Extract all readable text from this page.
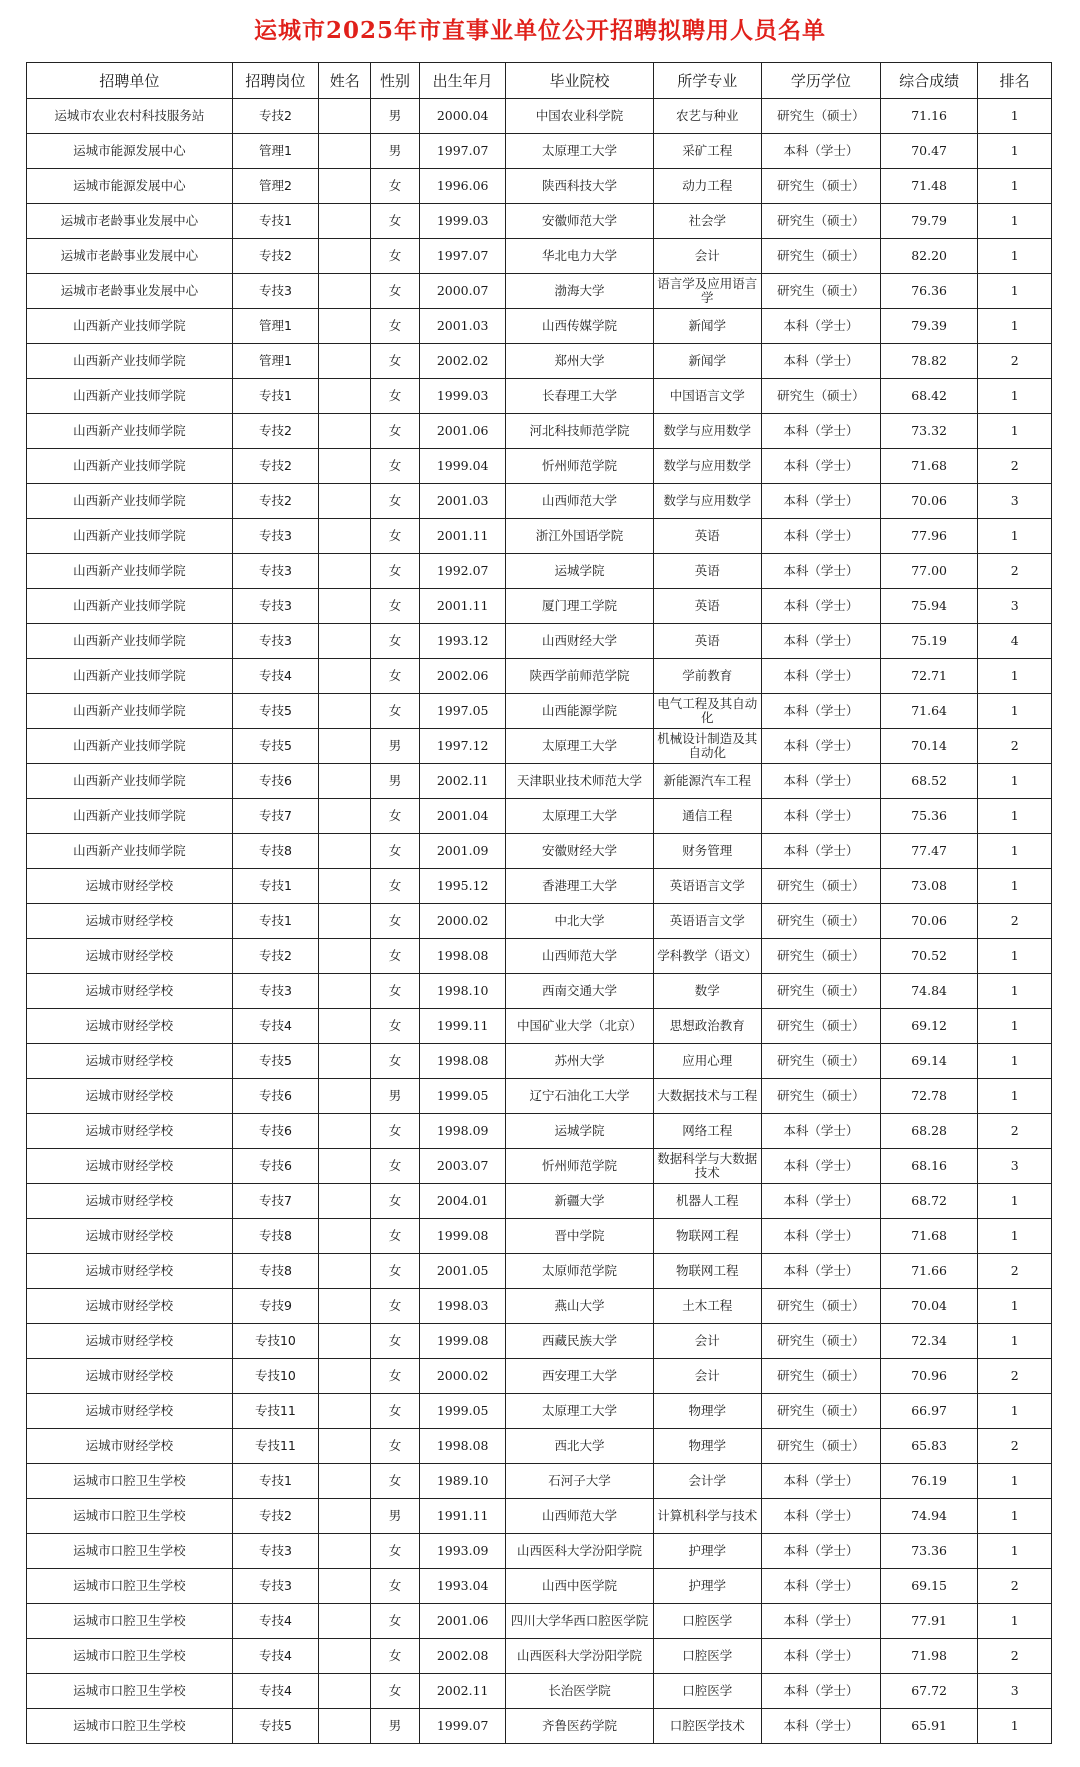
运城市2025年市直事业单位公开招聘拟聘用人员名单
招聘单位	招聘岗位	姓名	性别	出生年月	毕业院校	所学专业	学历学位	综合成绩	排名
运城市农业农村科技服务站	专技2		男	2000.04	中国农业科学院	农艺与种业	研究生（硕士）	71.16	1
运城市能源发展中心	管理1		男	1997.07	太原理工大学	采矿工程	本科（学士）	70.47	1
运城市能源发展中心	管理2		女	1996.06	陕西科技大学	动力工程	研究生（硕士）	71.48	1
运城市老龄事业发展中心	专技1		女	1999.03	安徽师范大学	社会学	研究生（硕士）	79.79	1
运城市老龄事业发展中心	专技2		女	1997.07	华北电力大学	会计	研究生（硕士）	82.20	1
运城市老龄事业发展中心	专技3		女	2000.07	渤海大学	语言学及应用语言学	研究生（硕士）	76.36	1
山西新产业技师学院	管理1		女	2001.03	山西传媒学院	新闻学	本科（学士）	79.39	1
山西新产业技师学院	管理1		女	2002.02	郑州大学	新闻学	本科（学士）	78.82	2
山西新产业技师学院	专技1		女	1999.03	长春理工大学	中国语言文学	研究生（硕士）	68.42	1
山西新产业技师学院	专技2		女	2001.06	河北科技师范学院	数学与应用数学	本科（学士）	73.32	1
山西新产业技师学院	专技2		女	1999.04	忻州师范学院	数学与应用数学	本科（学士）	71.68	2
山西新产业技师学院	专技2		女	2001.03	山西师范大学	数学与应用数学	本科（学士）	70.06	3
山西新产业技师学院	专技3		女	2001.11	浙江外国语学院	英语	本科（学士）	77.96	1
山西新产业技师学院	专技3		女	1992.07	运城学院	英语	本科（学士）	77.00	2
山西新产业技师学院	专技3		女	2001.11	厦门理工学院	英语	本科（学士）	75.94	3
山西新产业技师学院	专技3		女	1993.12	山西财经大学	英语	本科（学士）	75.19	4
山西新产业技师学院	专技4		女	2002.06	陕西学前师范学院	学前教育	本科（学士）	72.71	1
山西新产业技师学院	专技5		女	1997.05	山西能源学院	电气工程及其自动化	本科（学士）	71.64	1
山西新产业技师学院	专技5		男	1997.12	太原理工大学	机械设计制造及其自动化	本科（学士）	70.14	2
山西新产业技师学院	专技6		男	2002.11	天津职业技术师范大学	新能源汽车工程	本科（学士）	68.52	1
山西新产业技师学院	专技7		女	2001.04	太原理工大学	通信工程	本科（学士）	75.36	1
山西新产业技师学院	专技8		女	2001.09	安徽财经大学	财务管理	本科（学士）	77.47	1
运城市财经学校	专技1		女	1995.12	香港理工大学	英语语言文学	研究生（硕士）	73.08	1
运城市财经学校	专技1		女	2000.02	中北大学	英语语言文学	研究生（硕士）	70.06	2
运城市财经学校	专技2		女	1998.08	山西师范大学	学科教学（语文）	研究生（硕士）	70.52	1
运城市财经学校	专技3		女	1998.10	西南交通大学	数学	研究生（硕士）	74.84	1
运城市财经学校	专技4		女	1999.11	中国矿业大学（北京）	思想政治教育	研究生（硕士）	69.12	1
运城市财经学校	专技5		女	1998.08	苏州大学	应用心理	研究生（硕士）	69.14	1
运城市财经学校	专技6		男	1999.05	辽宁石油化工大学	大数据技术与工程	研究生（硕士）	72.78	1
运城市财经学校	专技6		女	1998.09	运城学院	网络工程	本科（学士）	68.28	2
运城市财经学校	专技6		女	2003.07	忻州师范学院	数据科学与大数据技术	本科（学士）	68.16	3
运城市财经学校	专技7		女	2004.01	新疆大学	机器人工程	本科（学士）	68.72	1
运城市财经学校	专技8		女	1999.08	晋中学院	物联网工程	本科（学士）	71.68	1
运城市财经学校	专技8		女	2001.05	太原师范学院	物联网工程	本科（学士）	71.66	2
运城市财经学校	专技9		女	1998.03	燕山大学	土木工程	研究生（硕士）	70.04	1
运城市财经学校	专技10		女	1999.08	西藏民族大学	会计	研究生（硕士）	72.34	1
运城市财经学校	专技10		女	2000.02	西安理工大学	会计	研究生（硕士）	70.96	2
运城市财经学校	专技11		女	1999.05	太原理工大学	物理学	研究生（硕士）	66.97	1
运城市财经学校	专技11		女	1998.08	西北大学	物理学	研究生（硕士）	65.83	2
运城市口腔卫生学校	专技1		女	1989.10	石河子大学	会计学	本科（学士）	76.19	1
运城市口腔卫生学校	专技2		男	1991.11	山西师范大学	计算机科学与技术	本科（学士）	74.94	1
运城市口腔卫生学校	专技3		女	1993.09	山西医科大学汾阳学院	护理学	本科（学士）	73.36	1
运城市口腔卫生学校	专技3		女	1993.04	山西中医学院	护理学	本科（学士）	69.15	2
运城市口腔卫生学校	专技4		女	2001.06	四川大学华西口腔医学院	口腔医学	本科（学士）	77.91	1
运城市口腔卫生学校	专技4		女	2002.08	山西医科大学汾阳学院	口腔医学	本科（学士）	71.98	2
运城市口腔卫生学校	专技4		女	2002.11	长治医学院	口腔医学	本科（学士）	67.72	3
运城市口腔卫生学校	专技5		男	1999.07	齐鲁医药学院	口腔医学技术	本科（学士）	65.91	1
